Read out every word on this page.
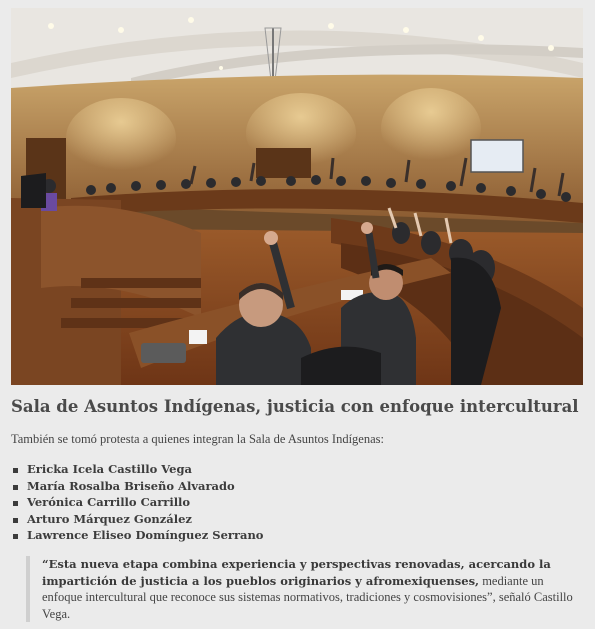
Sala de Asuntos Indígenas, justicia con enfoque intercultural

También se tomó protesta a quienes integran la Sala de Asuntos Indígenas:

Ericka Icela Castillo Vega
María Rosalba Briseño Alvarado
Verónica Carrillo Carrillo
Arturo Márquez González
Lawrence Eliseo Domínguez Serrano
“Esta nueva etapa combina experiencia y perspectivas renovadas, acercando la impartición de justicia a los pueblos originarios y afromexiquenses, mediante un enfoque intercultural que reconoce sus sistemas normativos, tradiciones y cosmovisiones”, señaló Castillo Vega.
